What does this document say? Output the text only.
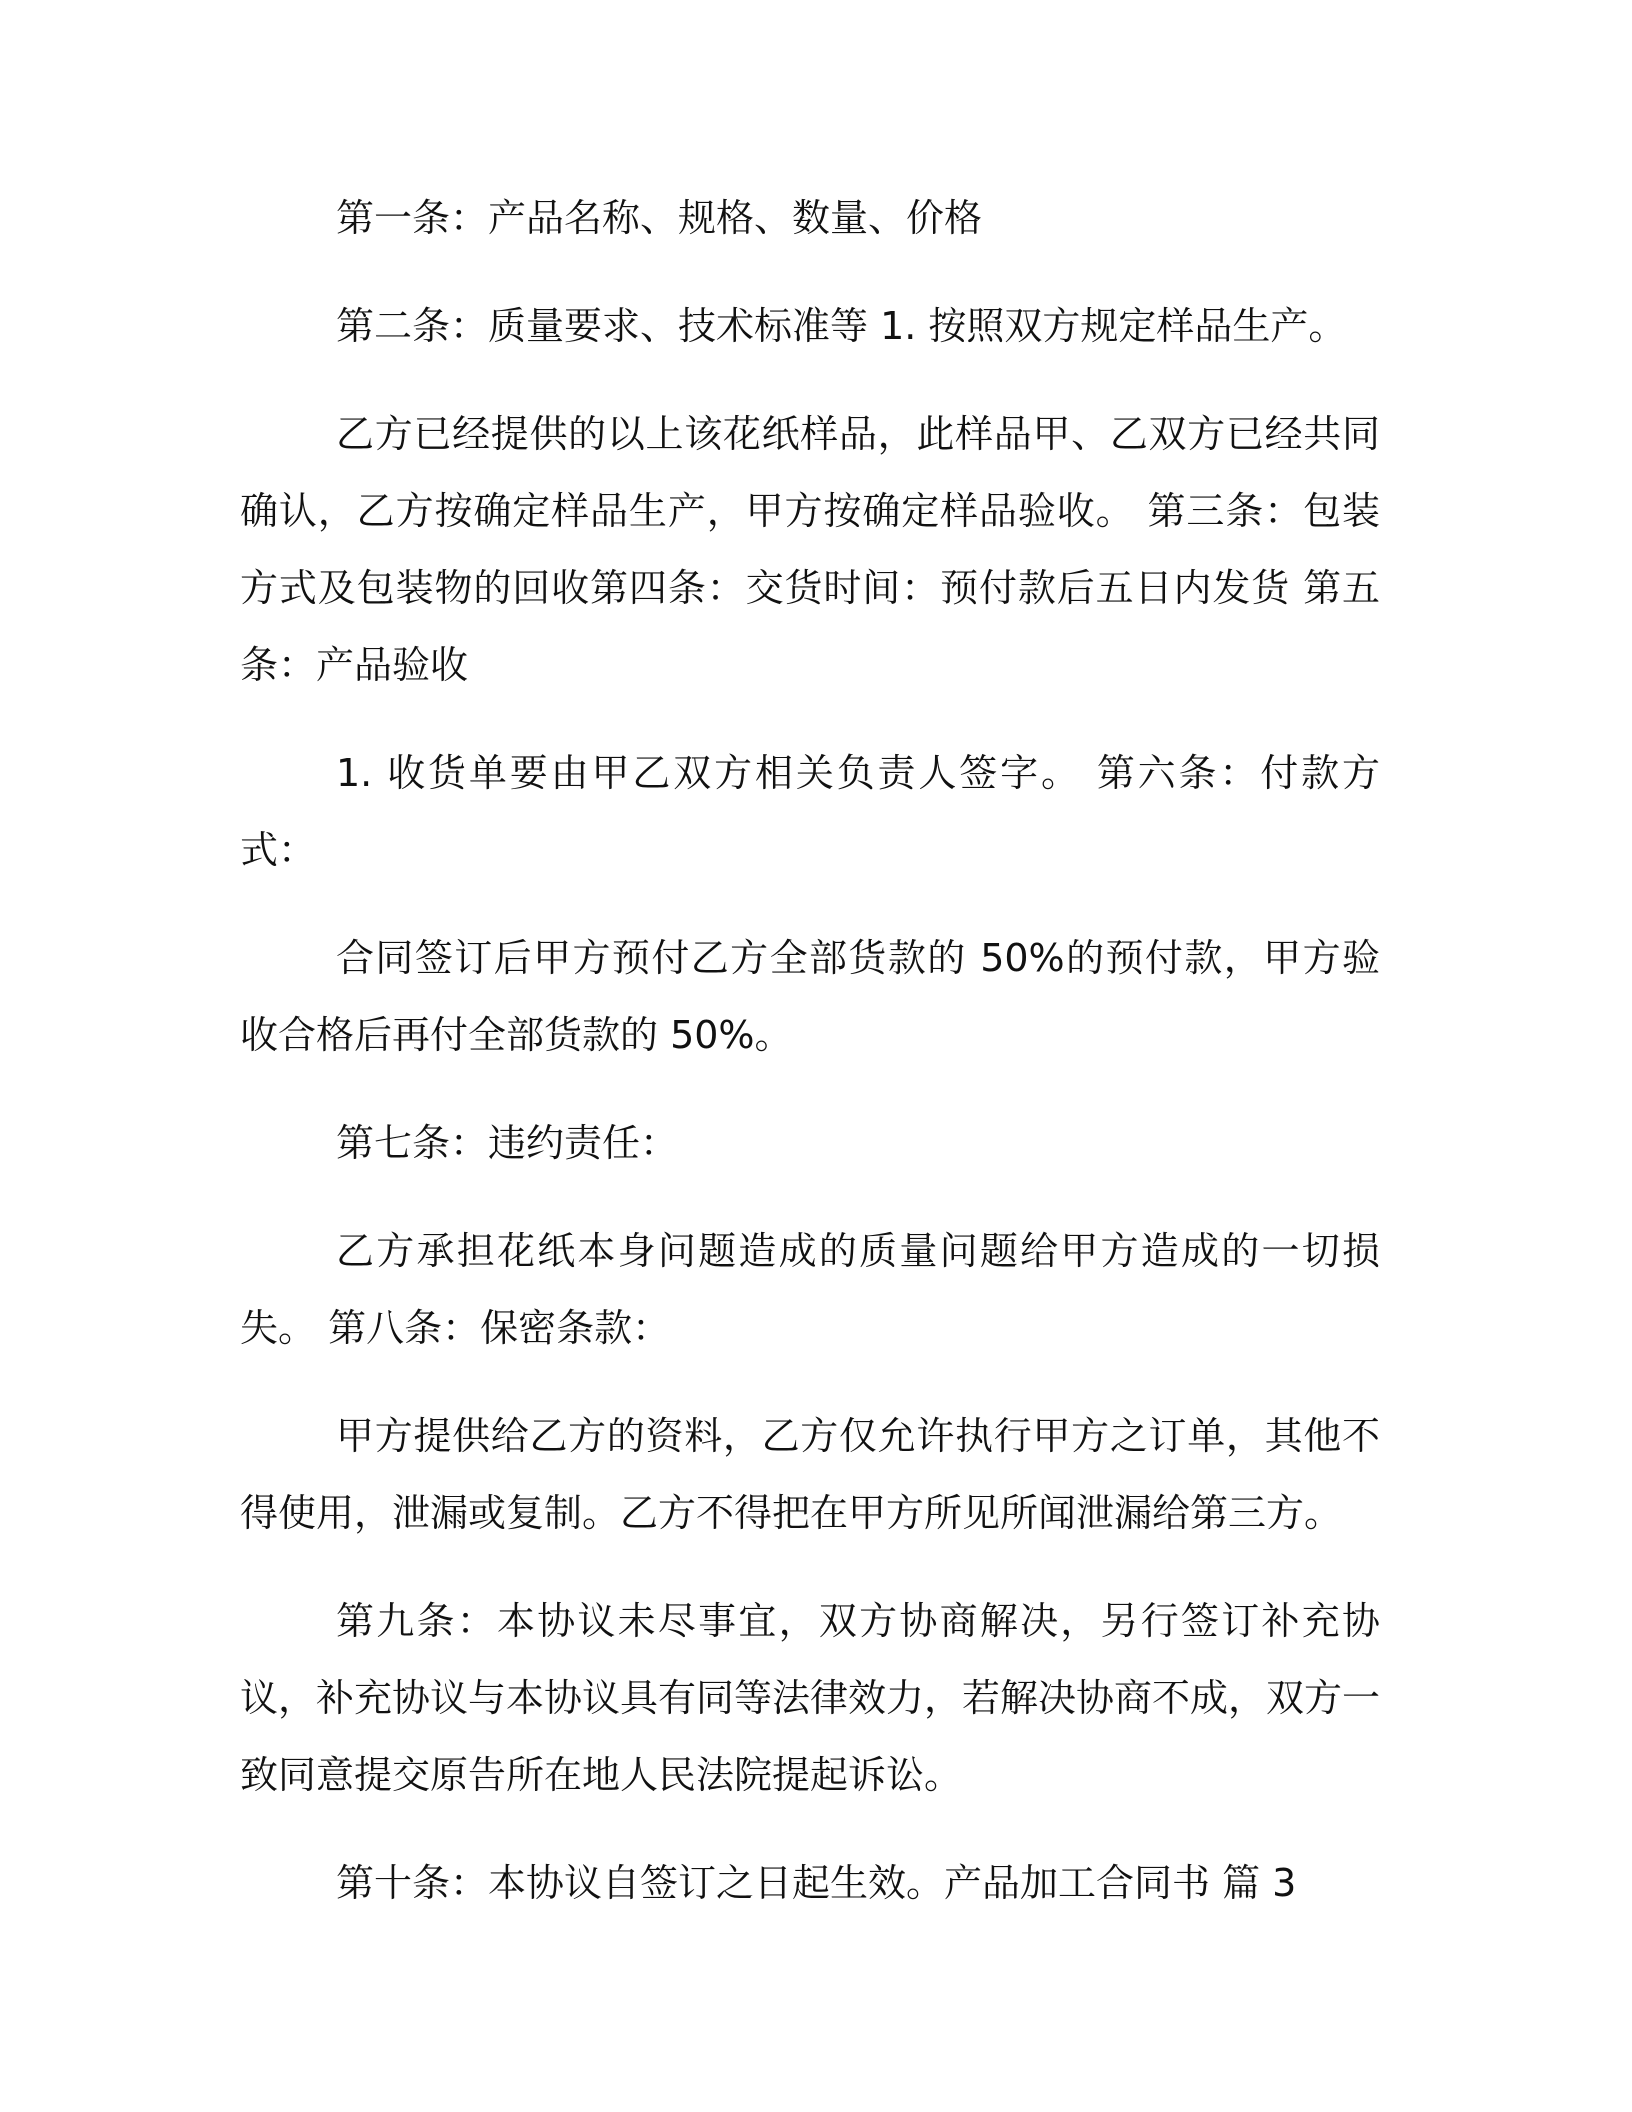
第一条：产品名称、规格、数量、价格

第二条：质量要求、技术标准等 1. 按照双方规定样品生产。

乙方已经提供的以上该花纸样品，此样品甲、乙双方已经共同确认，乙方按确定样品生产，甲方按确定样品验收。 第三条：包装方式及包装物的回收第四条：交货时间：预付款后五日内发货 第五条：产品验收

1. 收货单要由甲乙双方相关负责人签字。 第六条：付款方式：

合同签订后甲方预付乙方全部货款的 50%的预付款，甲方验收合格后再付全部货款的 50%。

第七条：违约责任：

乙方承担花纸本身问题造成的质量问题给甲方造成的一切损失。 第八条：保密条款：

甲方提供给乙方的资料，乙方仅允许执行甲方之订单，其他不得使用，泄漏或复制。乙方不得把在甲方所见所闻泄漏给第三方。

第九条：本协议未尽事宜，双方协商解决，另行签订补充协议，补充协议与本协议具有同等法律效力，若解决协商不成，双方一致同意提交原告所在地人民法院提起诉讼。

第十条：本协议自签订之日起生效。产品加工合同书 篇 3
